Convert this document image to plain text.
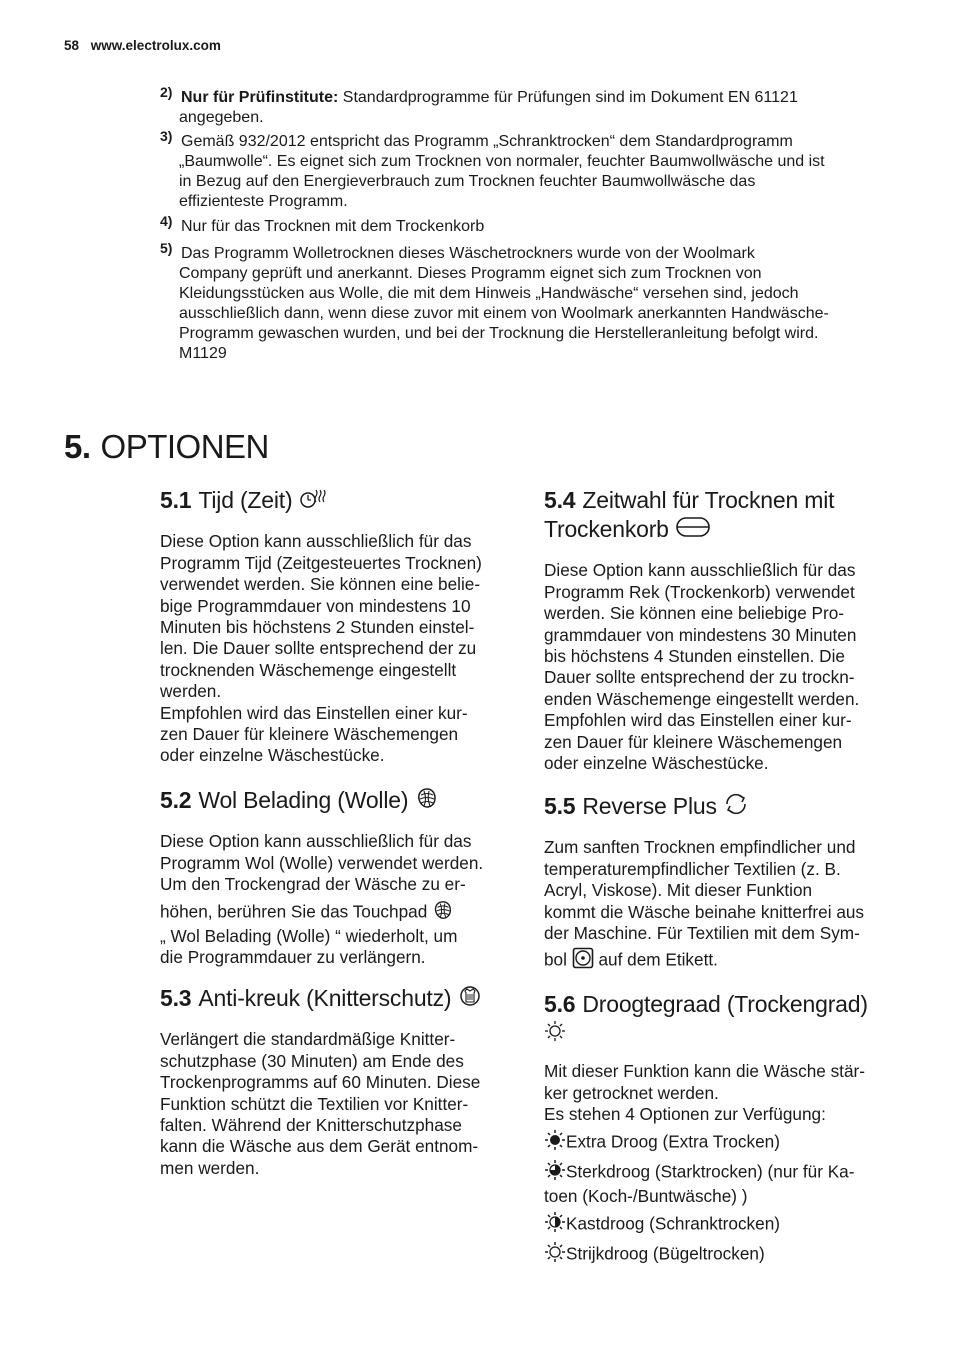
58 www.electrolux.com
2) Nur für Prüfinstitute: Standardprogramme für Prüfungen sind im Dokument EN 61121
angegeben.
3) Gemäß 932/2012 entspricht das Programm „Schranktrocken“ dem Standardprogramm
„Baumwolle“. Es eignet sich zum Trocknen von normaler, feuchter Baumwollwäsche und ist
in Bezug auf den Energieverbrauch zum Trocknen feuchter Baumwollwäsche das
effizienteste Programm.
4) Nur für das Trocknen mit dem Trockenkorb
5) Das Programm Wolletrocknen dieses Wäschetrockners wurde von der Woolmark
Company geprüft und anerkannt. Dieses Programm eignet sich zum Trocknen von
Kleidungsstücken aus Wolle, die mit dem Hinweis „Handwäsche“ versehen sind, jedoch
ausschließlich dann, wenn diese zuvor mit einem von Woolmark anerkannten Handwäsche-
Programm gewaschen wurden, und bei der Trocknung die Herstelleranleitung befolgt wird.
M1129
5. OPTIONEN
5.1 Tijd (Zeit)
Diese Option kann ausschließlich für das
Programm Tijd (Zeitgesteuertes Trocknen)
verwendet werden. Sie können eine belie-
bige Programmdauer von mindestens 10
Minuten bis höchstens 2 Stunden einstel-
len. Die Dauer sollte entsprechend der zu
trocknenden Wäschemenge eingestellt
werden.
Empfohlen wird das Einstellen einer kur-
zen Dauer für kleinere Wäschemengen
oder einzelne Wäschestücke.
5.2 Wol Belading (Wolle)
Diese Option kann ausschließlich für das
Programm Wol (Wolle) verwendet werden.
Um den Trockengrad der Wäsche zu er-
höhen, berühren Sie das Touchpad
„ Wol Belading (Wolle) “ wiederholt, um
die Programmdauer zu verlängern.
5.3 Anti-kreuk (Knitterschutz)
Verlängert die standardmäßige Knitter-
schutzphase (30 Minuten) am Ende des
Trockenprogramms auf 60 Minuten. Diese
Funktion schützt die Textilien vor Knitter-
falten. Während der Knitterschutzphase
kann die Wäsche aus dem Gerät entnom-
men werden.
5.4 Zeitwahl für Trocknen mit
Trockenkorb
Diese Option kann ausschließlich für das
Programm Rek (Trockenkorb) verwendet
werden. Sie können eine beliebige Pro-
grammdauer von mindestens 30 Minuten
bis höchstens 4 Stunden einstellen. Die
Dauer sollte entsprechend der zu trockn-
enden Wäschemenge eingestellt werden.
Empfohlen wird das Einstellen einer kur-
zen Dauer für kleinere Wäschemengen
oder einzelne Wäschestücke.
5.5 Reverse Plus
Zum sanften Trocknen empfindlicher und
temperaturempfindlicher Textilien (z. B.
Acryl, Viskose). Mit dieser Funktion
kommt die Wäsche beinahe knitterfrei aus
der Maschine. Für Textilien mit dem Sym-
bol auf dem Etikett.
5.6 Droogtegraad (Trockengrad)

Mit dieser Funktion kann die Wäsche stär-
ker getrocknet werden.
Es stehen 4 Optionen zur Verfügung:
Extra Droog (Extra Trocken)
Sterkdroog (Starktrocken) (nur für Ka-
toen (Koch-/Buntwäsche) )
Kastdroog (Schranktrocken)
Strijkdroog (Bügeltrocken)
